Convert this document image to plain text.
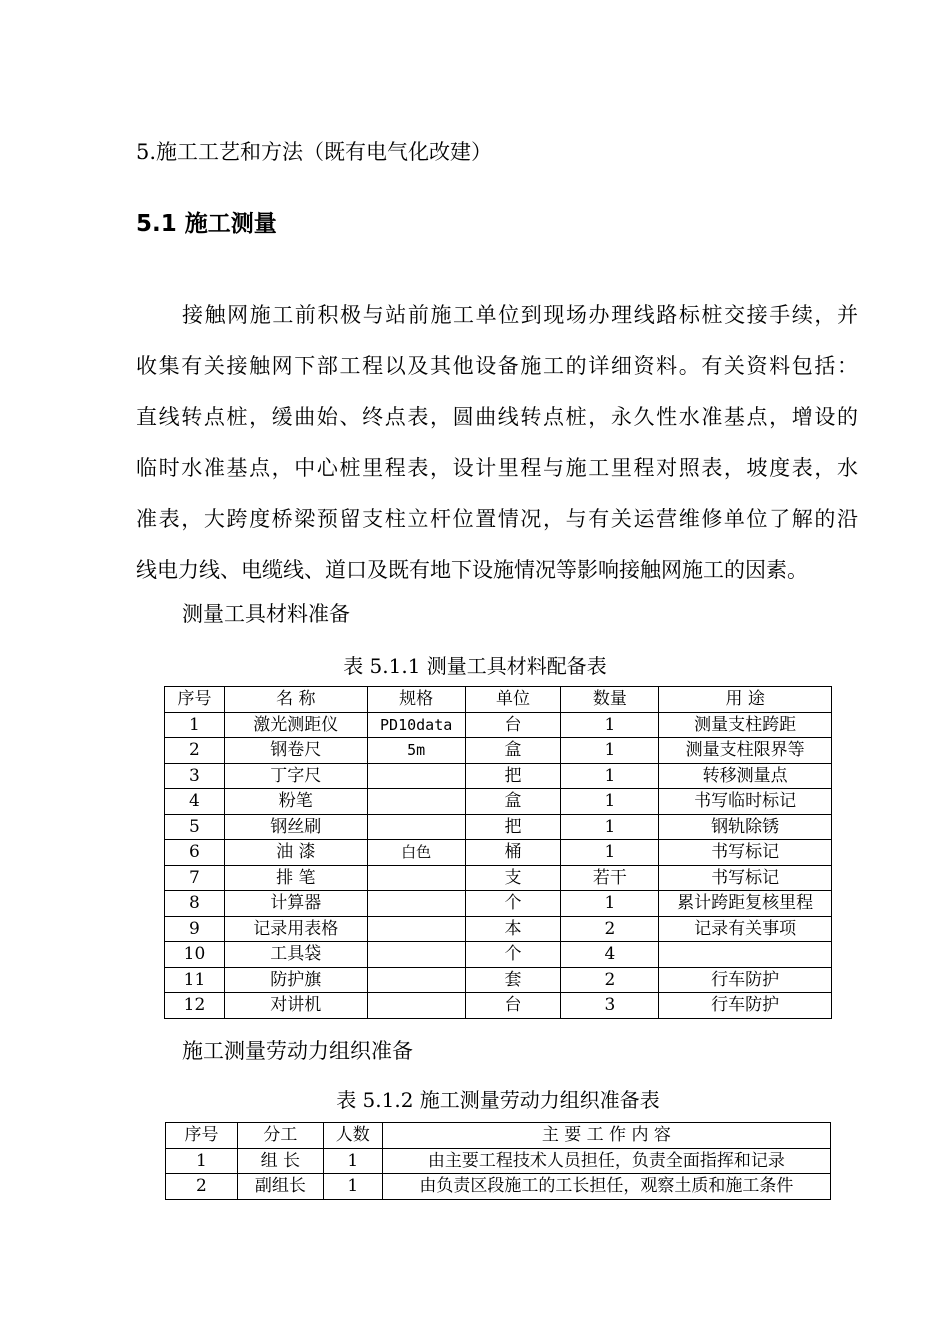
5.施工工艺和方法（既有电气化改建）
5.1 施工测量
接触网施工前积极与站前施工单位到现场办理线路标桩交接手续，并
收集有关接触网下部工程以及其他设备施工的详细资料。有关资料包括：
直线转点桩，缓曲始、终点表，圆曲线转点桩，永久性水准基点，增设的
临时水准基点，中心桩里程表，设计里程与施工里程对照表，坡度表，水
准表，大跨度桥梁预留支柱立杆位置情况，与有关运营维修单位了解的沿
线电力线、电缆线、道口及既有地下设施情况等影响接触网施工的因素。
测量工具材料准备
表 5.1.1 测量工具材料配备表
序号	名 称	规格	单位	数量	用 途
1	激光测距仪	PD10data	台	1	测量支柱跨距
2	钢卷尺	5m	盒	1	测量支柱限界等
3	丁字尺		把	1	转移测量点
4	粉笔		盒	1	书写临时标记
5	钢丝刷		把	1	钢轨除锈
6	油 漆	白色	桶	1	书写标记
7	排 笔		支	若干	书写标记
8	计算器		个	1	累计跨距复核里程
9	记录用表格		本	2	记录有关事项
10	工具袋		个	4	
11	防护旗		套	2	行车防护
12	对讲机		台	3	行车防护
施工测量劳动力组织准备
表 5.1.2 施工测量劳动力组织准备表
序号	分工	人数	主 要 工 作 内 容
1	组 长	1	由主要工程技术人员担任，负责全面指挥和记录
2	副组长	1	由负责区段施工的工长担任，观察土质和施工条件
